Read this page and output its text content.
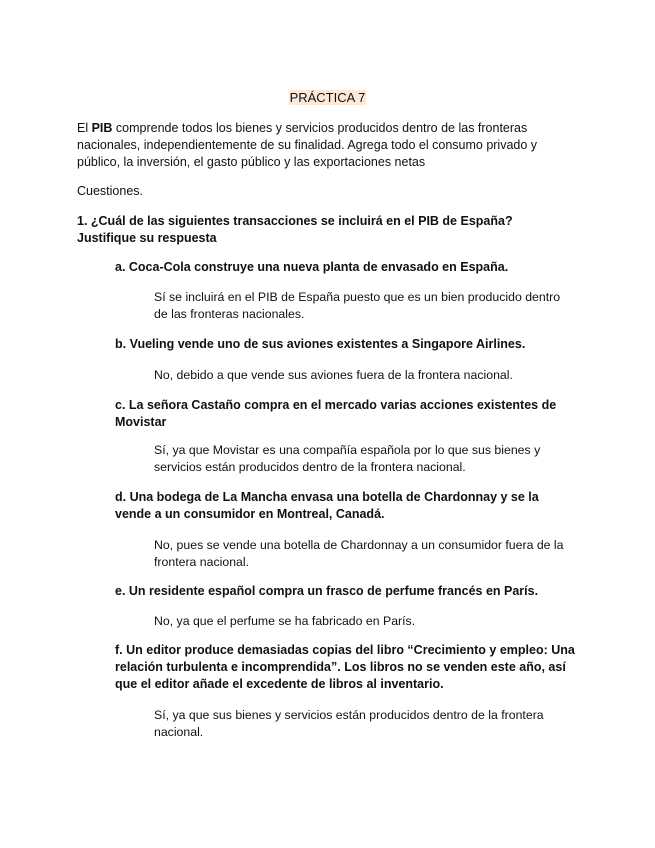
PRÁCTICA 7

El PIB comprende todos los bienes y servicios producidos dentro de las fronteras nacionales, independientemente de su finalidad. Agrega todo el consumo privado y público, la inversión, el gasto público y las exportaciones netas

Cuestiones.

1. ¿Cuál de las siguientes transacciones se incluirá en el PIB de España? Justifique su respuesta

a. Coca-Cola construye una nueva planta de envasado en España.

Sí se incluirá en el PIB de España puesto que es un bien producido dentro de las fronteras nacionales.

b. Vueling vende uno de sus aviones existentes a Singapore Airlines.

No, debido a que vende sus aviones fuera de la frontera nacional.

c. La señora Castaño compra en el mercado varias acciones existentes de Movistar

Sí, ya que Movistar es una compañía española por lo que sus bienes y servicios están producidos dentro de la frontera nacional.

d. Una bodega de La Mancha envasa una botella de Chardonnay y se la vende a un consumidor en Montreal, Canadá.

No, pues se vende una botella de Chardonnay a un consumidor fuera de la frontera nacional.

e. Un residente español compra un frasco de perfume francés en París.

No, ya que el perfume se ha fabricado en París.

f. Un editor produce demasiadas copias del libro “Crecimiento y empleo: Una relación turbulenta e incomprendida”. Los libros no se venden este año, así que el editor añade el excedente de libros al inventario.

Sí, ya que sus bienes y servicios están producidos dentro de la frontera nacional.
